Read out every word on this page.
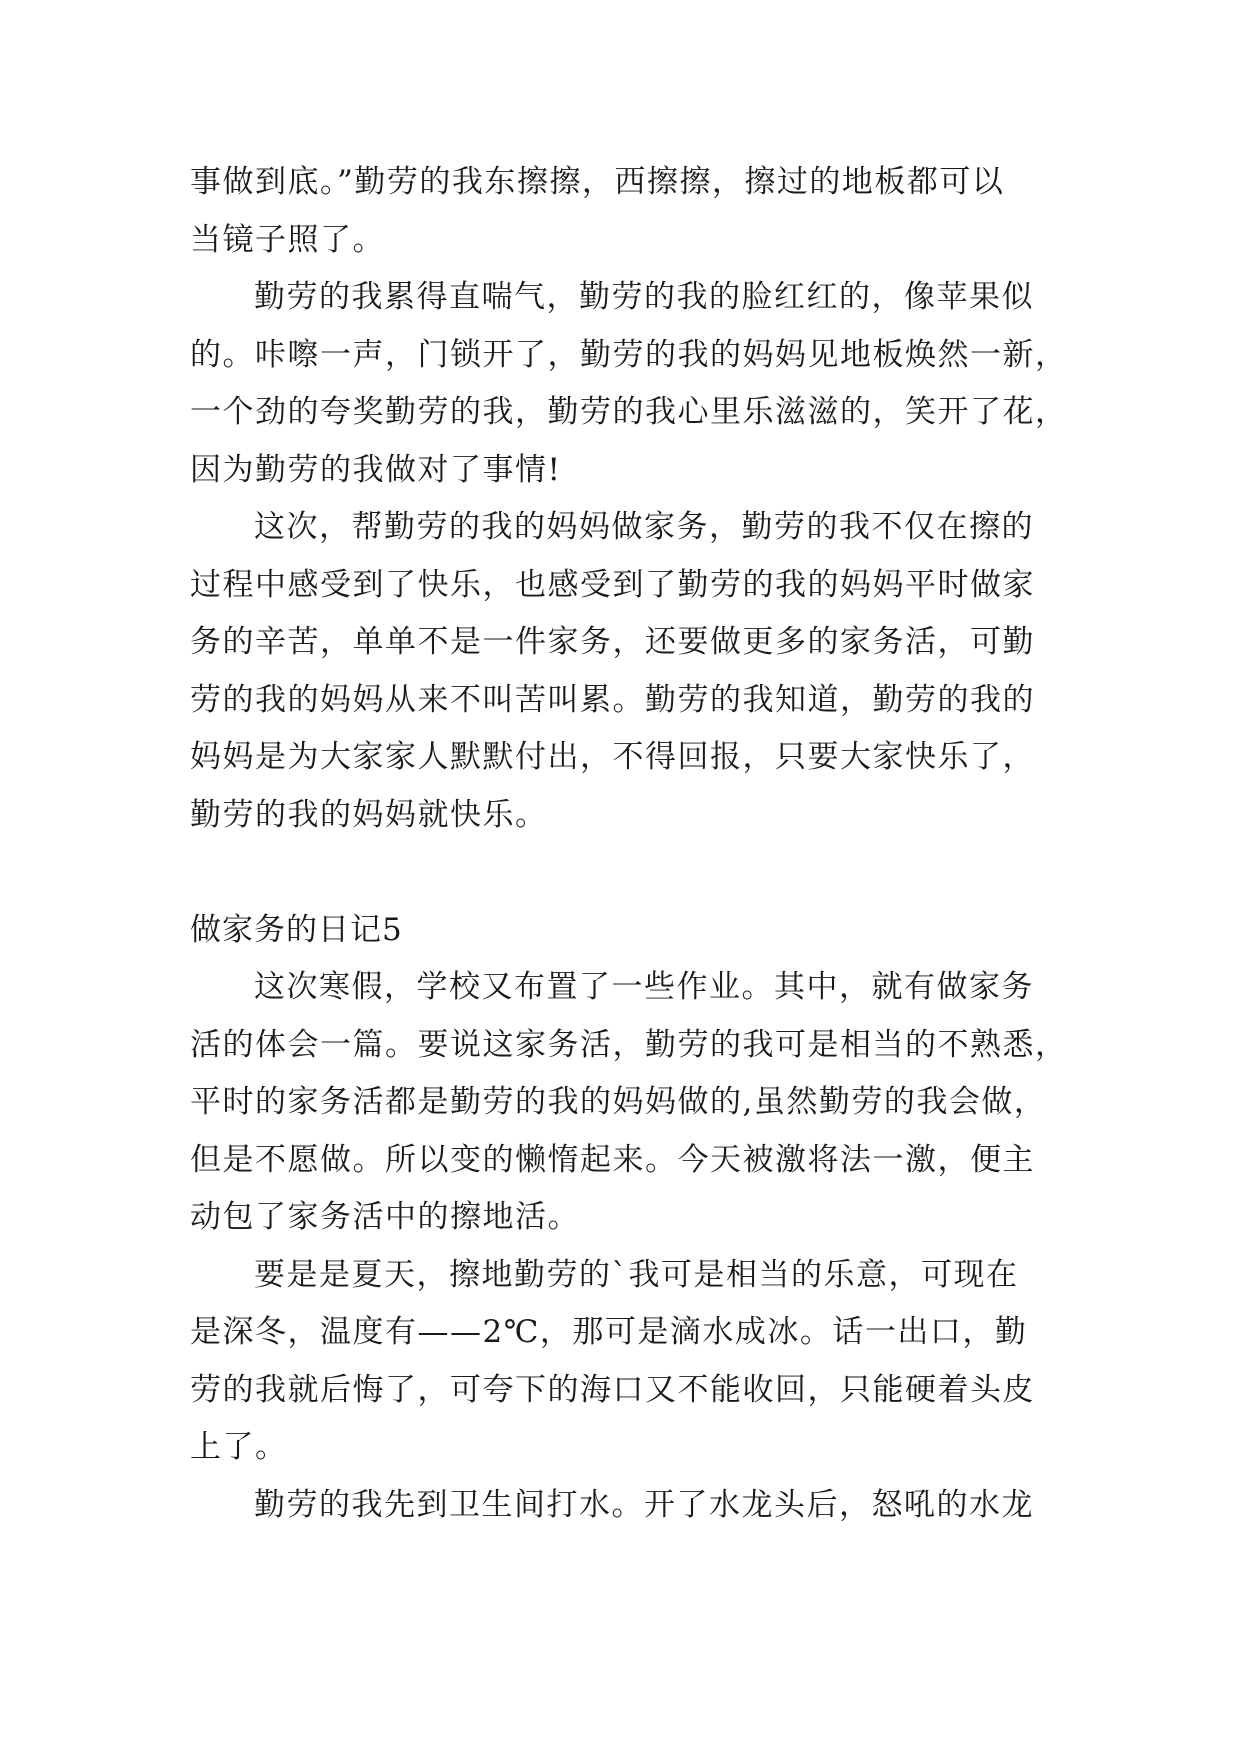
事做到底。”勤劳的我东擦擦，西擦擦，擦过的地板都可以
当镜子照了。
勤劳的我累得直喘气，勤劳的我的脸红红的，像苹果似
的。咔嚓一声，门锁开了，勤劳的我的妈妈见地板焕然一新，
一个劲的夸奖勤劳的我，勤劳的我心里乐滋滋的，笑开了花，
因为勤劳的我做对了事情!
这次，帮勤劳的我的妈妈做家务，勤劳的我不仅在擦的
过程中感受到了快乐，也感受到了勤劳的我的妈妈平时做家
务的辛苦，单单不是一件家务，还要做更多的家务活，可勤
劳的我的妈妈从来不叫苦叫累。勤劳的我知道，勤劳的我的
妈妈是为大家家人默默付出，不得回报，只要大家快乐了，
勤劳的我的妈妈就快乐。
做家务的日记5
这次寒假，学校又布置了一些作业。其中，就有做家务
活的体会一篇。要说这家务活，勤劳的我可是相当的不熟悉，
平时的家务活都是勤劳的我的妈妈做的,虽然勤劳的我会做，
但是不愿做。所以变的懒惰起来。今天被激将法一激，便主
动包了家务活中的擦地活。
要是是夏天，擦地勤劳的`我可是相当的乐意，可现在
是深冬，温度有——2℃，那可是滴水成冰。话一出口，勤
劳的我就后悔了，可夸下的海口又不能收回，只能硬着头皮
上了。
勤劳的我先到卫生间打水。开了水龙头后，怒吼的水龙
